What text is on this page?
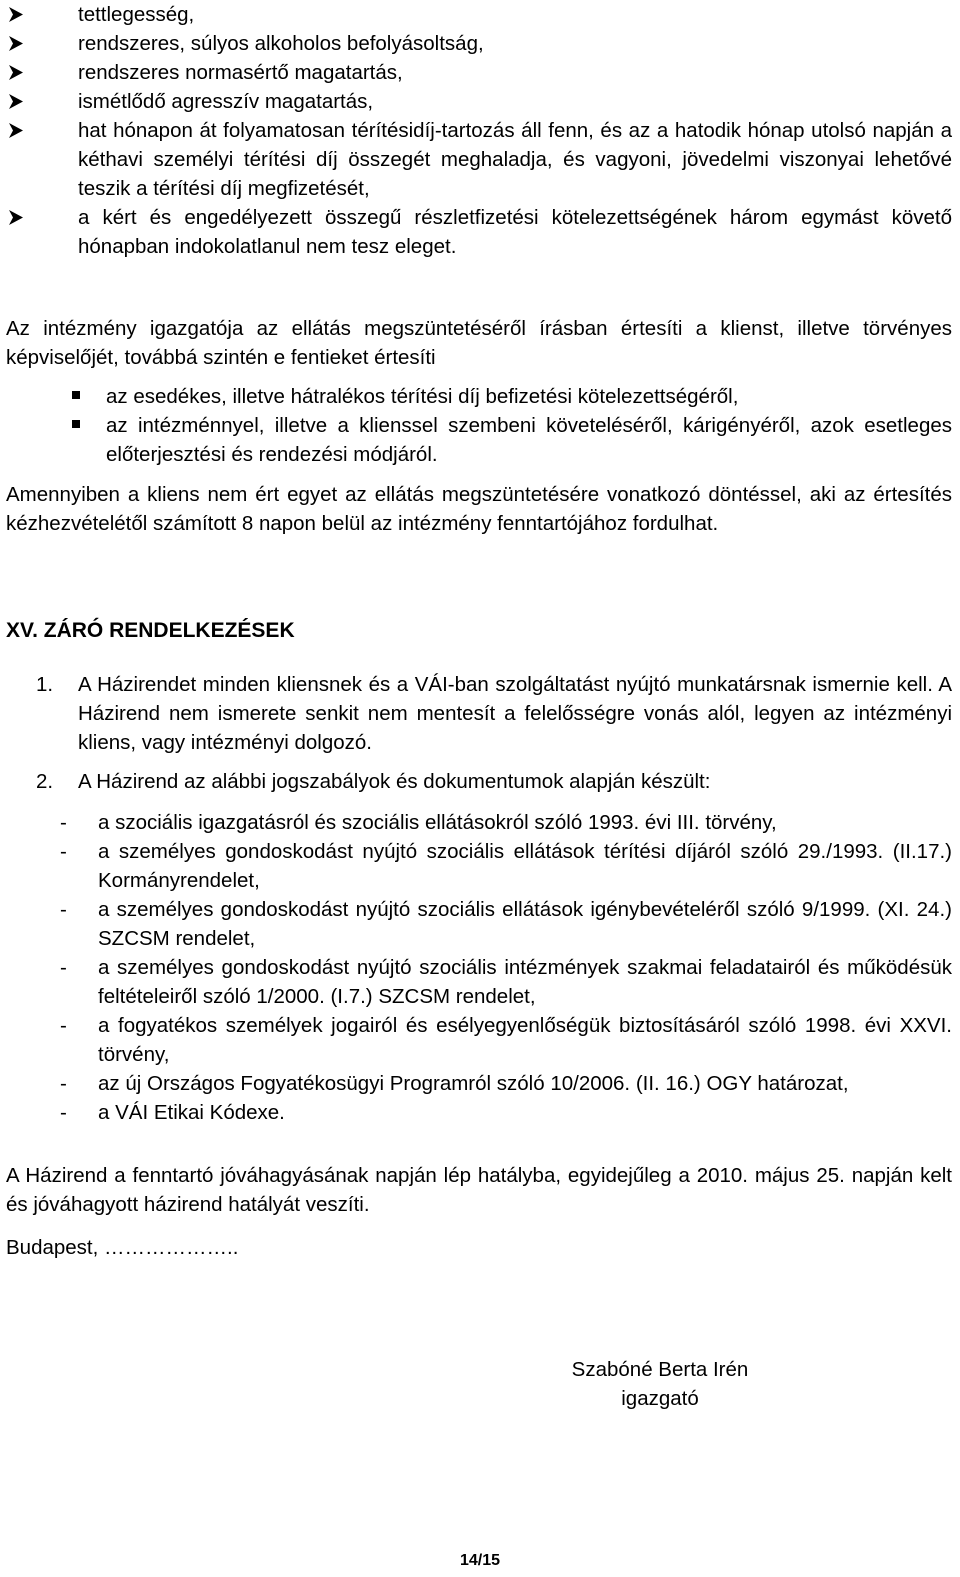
tettlegesség,
rendszeres, súlyos alkoholos befolyásoltság,
rendszeres normasértő magatartás,
ismétlődő agresszív magatartás,
hat hónapon át folyamatosan térítésidíj-tartozás áll fenn, és az a hatodik hónap utolsó napján a kéthavi személyi térítési díj összegét meghaladja, és vagyoni, jövedelmi viszonyai lehetővé teszik a térítési díj megfizetését,
a kért és engedélyezett összegű részletfizetési kötelezettségének három egymást követő hónapban indokolatlanul nem tesz eleget.
Az intézmény igazgatója az ellátás megszüntetéséről írásban értesíti a klienst, illetve törvényes képviselőjét, továbbá szintén e fentieket értesíti
az esedékes, illetve hátralékos térítési díj befizetési kötelezettségéről,
az intézménnyel, illetve a klienssel szembeni követeléséről, kárigényéről, azok esetleges előterjesztési és rendezési módjáról.
Amennyiben a kliens nem ért egyet az ellátás megszüntetésére vonatkozó döntéssel, aki az értesítés kézhezvételétől számított 8 napon belül az intézmény fenntartójához fordulhat.
XV. ZÁRÓ RENDELKEZÉSEK
1. A Házirendet minden kliensnek és a VÁI-ban szolgáltatást nyújtó munkatársnak ismernie kell. A Házirend nem ismerete senkit nem mentesít a felelősségre vonás alól, legyen az intézményi kliens, vagy intézményi dolgozó.
2. A Házirend az alábbi jogszabályok és dokumentumok alapján készült:
- a szociális igazgatásról és szociális ellátásokról szóló 1993. évi III. törvény,
- a személyes gondoskodást nyújtó szociális ellátások térítési díjáról szóló 29./1993. (II.17.) Kormányrendelet,
- a személyes gondoskodást nyújtó szociális ellátások igénybevételéről szóló 9/1999. (XI. 24.) SZCSM rendelet,
- a személyes gondoskodást nyújtó szociális intézmények szakmai feladatairól és működésük feltételeiről szóló 1/2000. (I.7.) SZCSM rendelet,
- a fogyatékos személyek jogairól és esélyegyenlőségük biztosításáról szóló 1998. évi XXVI. törvény,
- az új Országos Fogyatékosügyi Programról szóló 10/2006. (II. 16.) OGY határozat,
- a VÁI Etikai Kódexe.
A Házirend a fenntartó jóváhagyásának napján lép hatályba, egyidejűleg a 2010. május 25. napján kelt és jóváhagyott házirend hatályát veszíti.
Budapest, ………………..
Szabóné Berta Irén
igazgató
14/15
